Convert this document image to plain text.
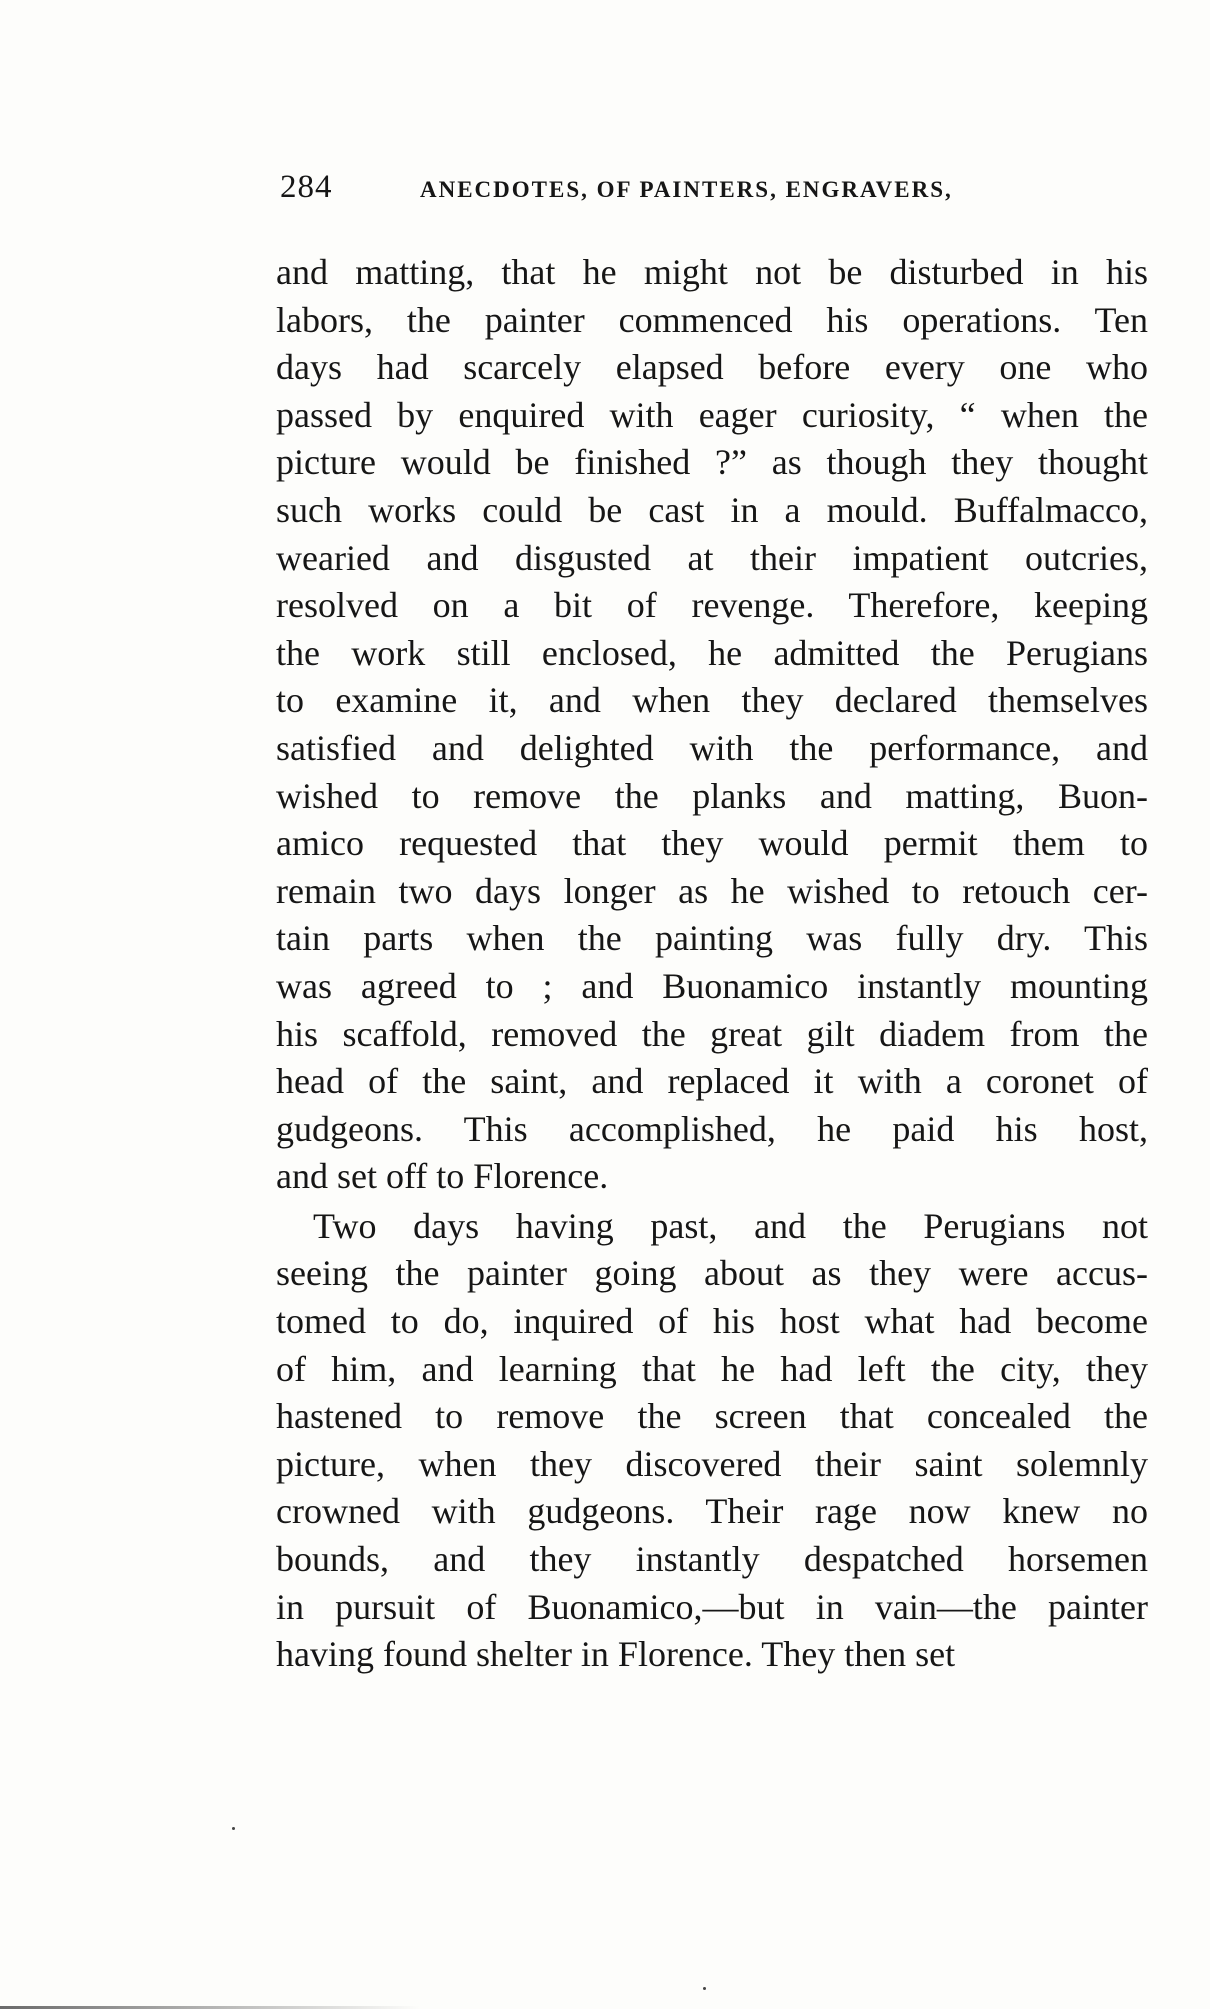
284	ANECDOTES, OF PAINTERS, ENGRAVERS,
and matting, that he might not be disturbed in his
labors, the painter commenced his operations. Ten
days had scarcely elapsed before every one who
passed by enquired with eager curiosity, “ when the
picture would be finished ?” as though they thought
such works could be cast in a mould. Buffalmacco,
wearied and disgusted at their impatient outcries,
resolved on a bit of revenge. Therefore, keeping
the work still enclosed, he admitted the Perugians
to examine it, and when they declared themselves
satisfied and delighted with the performance, and
wished to remove the planks and matting, Buon-
amico requested that they would permit them to
remain two days longer as he wished to retouch cer-
tain parts when the painting was fully dry. This
was agreed to ; and Buonamico instantly mounting
his scaffold, removed the great gilt diadem from the
head of the saint, and replaced it with a coronet of
gudgeons. This accomplished, he paid his host,
and set off to Florence.
Two days having past, and the Perugians not
seeing the painter going about as they were accus-
tomed to do, inquired of his host what had become
of him, and learning that he had left the city, they
hastened to remove the screen that concealed the
picture, when they discovered their saint solemnly
crowned with gudgeons. Their rage now knew no
bounds, and they instantly despatched horsemen
in pursuit of Buonamico,—but in vain—the painter
having found shelter in Florence. They then set
